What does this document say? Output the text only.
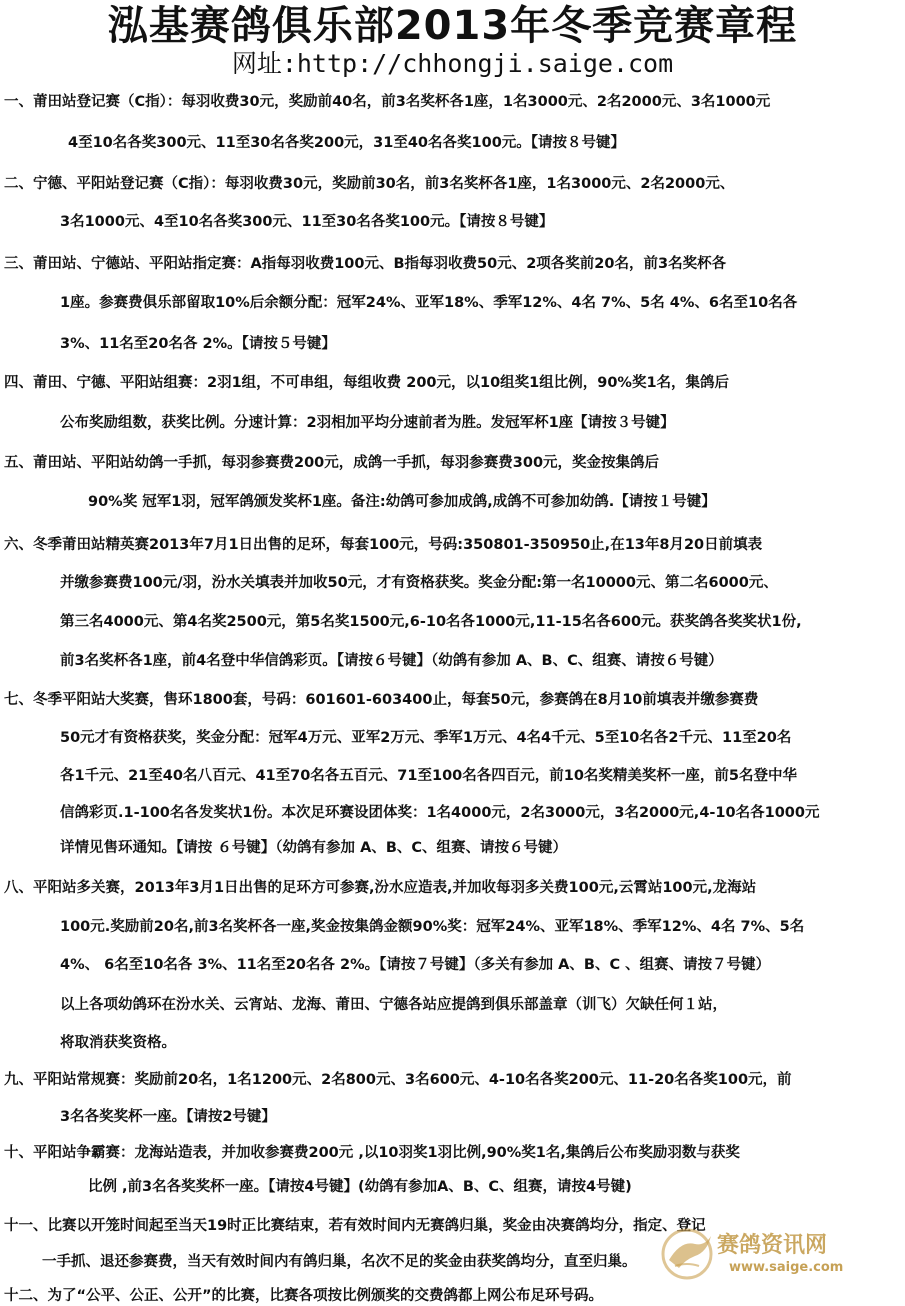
泓基赛鸽俱乐部2013年冬季竞赛章程
网址:http://chhongji.saige.com
一、莆田站登记赛（C指）：每羽收费30元，奖励前40名，前3名奖杯各1座，1名3000元、2名2000元、3名1000元
4至10名各奖300元、11至30名各奖200元，31至40名各奖100元。【请按８号键】
二、宁德、平阳站登记赛（C指）：每羽收费30元，奖励前30名，前3名奖杯各1座，1名3000元、2名2000元、
3名1000元、4至10名各奖300元、11至30名各奖100元。【请按８号键】
三、莆田站、宁德站、平阳站指定赛：A指每羽收费100元、B指每羽收费50元、2项各奖前20名，前3名奖杯各
1座。参赛费俱乐部留取10%后余额分配：冠军24%、亚军18%、季军12%、4名 7%、5名 4%、6名至10名各
3%、11名至20名各 2%。【请按５号键】
四、莆田、宁德、平阳站组赛：2羽1组，不可串组，每组收费 200元，以10组奖1组比例，90%奖1名，集鸽后
公布奖励组数，获奖比例。分速计算：2羽相加平均分速前者为胜。发冠军杯1座【请按３号键】
五、莆田站、平阳站幼鸽一手抓，每羽参赛费200元，成鸽一手抓，每羽参赛费300元，奖金按集鸽后
90%奖 冠军1羽，冠军鸽颁发奖杯1座。备注:幼鸽可参加成鸽,成鸽不可参加幼鸽.【请按１号键】
六、冬季莆田站精英赛2013年7月1日出售的足环，每套100元，号码:350801-350950止,在13年8月20日前填表
并缴参赛费100元/羽，汾水关填表并加收50元，才有资格获奖。奖金分配:第一名10000元、第二名6000元、
第三名4000元、第4名奖2500元，第5名奖1500元,6-10名各1000元,11-15名各600元。获奖鸽各奖奖状1份,
前3名奖杯各1座，前4名登中华信鸽彩页。【请按６号键】（幼鸽有参加 A、B、C、组赛、请按６号键）
七、冬季平阳站大奖赛，售环1800套，号码：601601-603400止，每套50元，参赛鸽在8月10前填表并缴参赛费
50元才有资格获奖，奖金分配：冠军4万元、亚军2万元、季军1万元、4名4千元、5至10名各2千元、11至20名
各1千元、21至40名八百元、41至70名各五百元、71至100名各四百元，前10名奖精美奖杯一座，前5名登中华
信鸽彩页.1-100名各发奖状1份。本次足环赛设团体奖：1名4000元，2名3000元，3名2000元,4-10名各1000元
详情见售环通知。【请按 ６号键】（幼鸽有参加 A、B、C、组赛、请按６号键）
八、平阳站多关赛，2013年3月1日出售的足环方可参赛,汾水应造表,并加收每羽多关费100元,云霄站100元,龙海站
100元.奖励前20名,前3名奖杯各一座,奖金按集鸽金额90%奖：冠军24%、亚军18%、季军12%、4名 7%、5名
4%、 6名至10名各 3%、11名至20名各 2%。【请按７号键】（多关有参加 A、B、C 、组赛、请按７号键）
以上各项幼鸽环在汾水关、云宵站、龙海、莆田、宁德各站应提鸽到俱乐部盖章（训飞）欠缺任何１站，
将取消获奖资格。
九、平阳站常规赛：奖励前20名，1名1200元、2名800元、3名600元、4-10名各奖200元、11-20名各奖100元，前
3名各奖奖杯一座。【请按2号键】
十、平阳站争霸赛：龙海站造表，并加收参赛费200元 ,以10羽奖1羽比例,90%奖1名,集鸽后公布奖励羽数与获奖
比例 ,前3名各奖奖杯一座。【请按4号键】(幼鸽有参加A、B、C、组赛，请按4号键)
十一、比赛以开笼时间起至当天19时正比赛结束，若有效时间内无赛鸽归巢，奖金由决赛鸽均分，指定、登记
一手抓、退还参赛费，当天有效时间内有鸽归巢，名次不足的奖金由获奖鸽均分，直至归巢。
十二、为了“公平、公正、公开”的比赛，比赛各项按比例颁奖的交费鸽都上网公布足环号码。
赛鸽资讯网
www.saige.com
